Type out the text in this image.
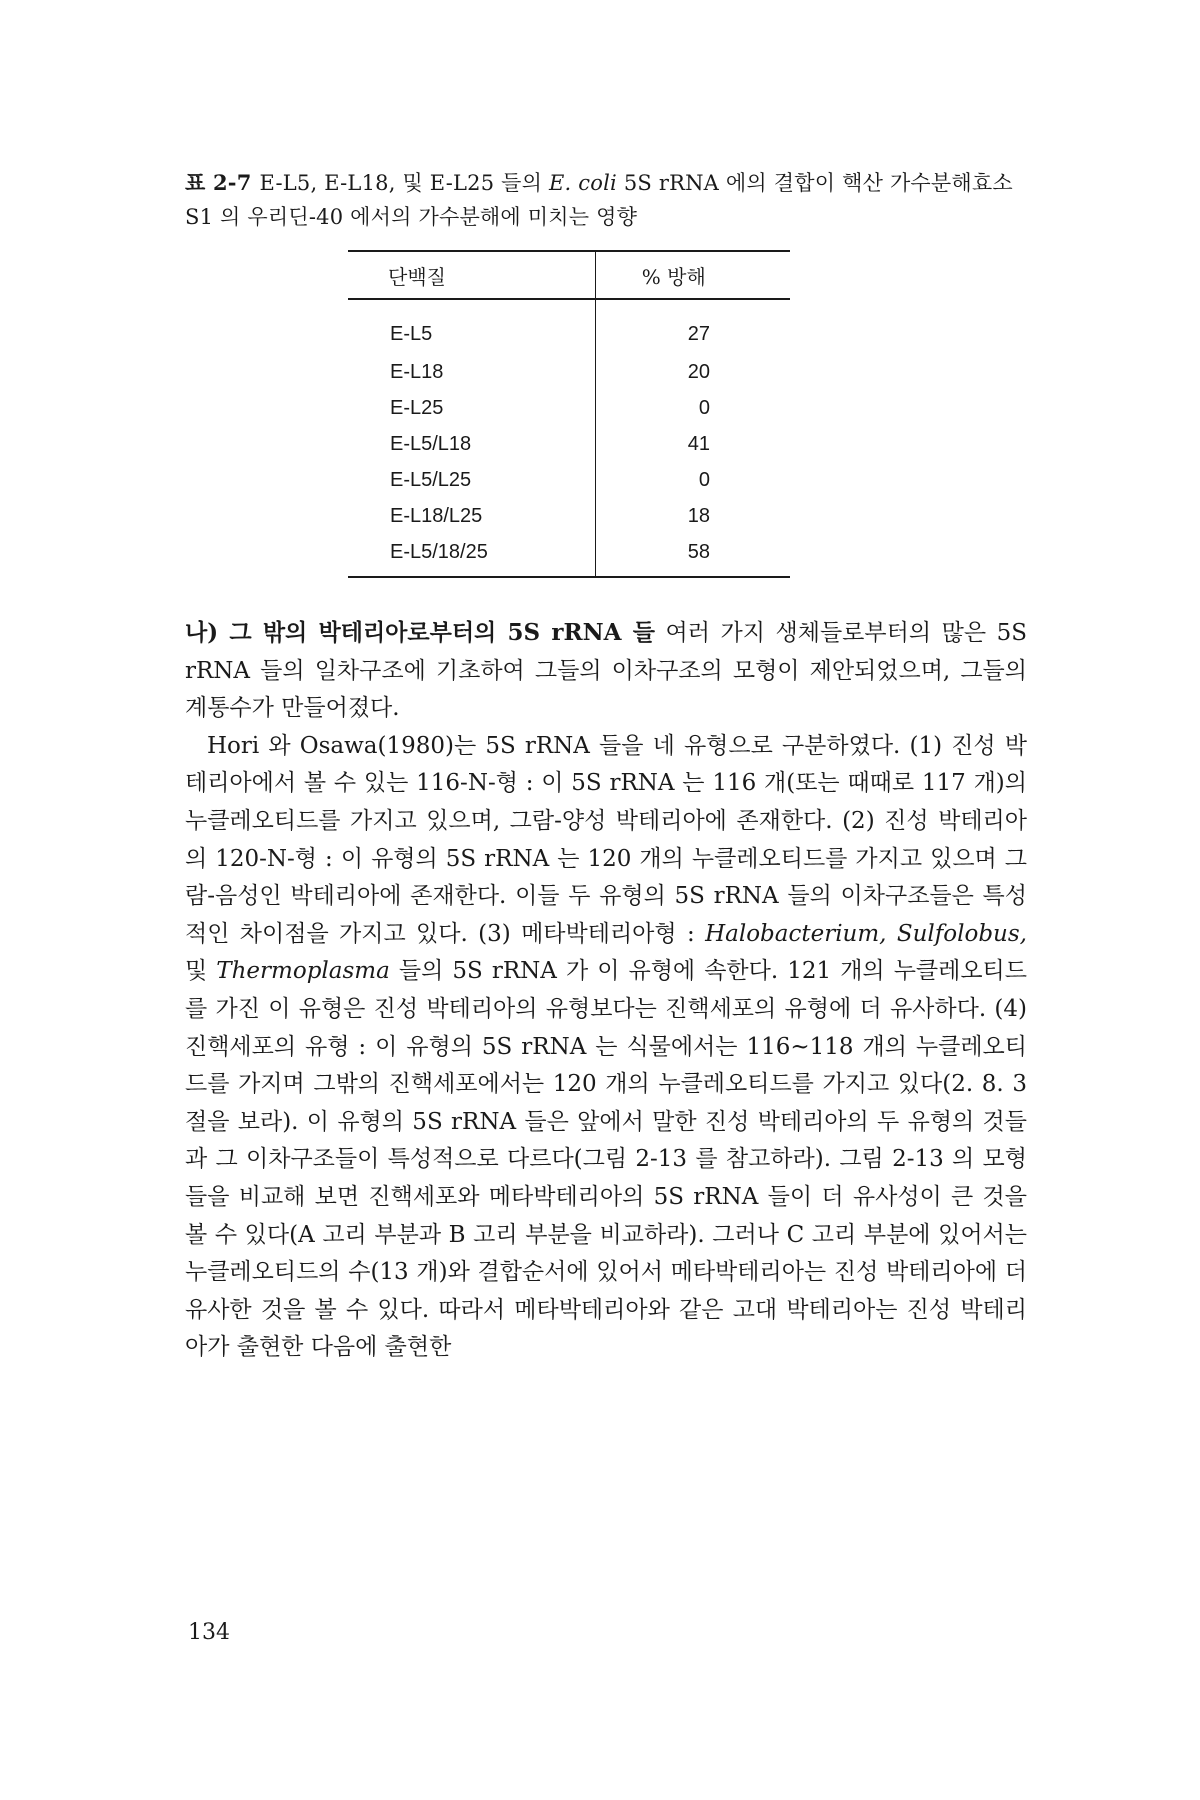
표 2-7 E-L5, E-L18, 및 E-L25 들의 E. coli 5S rRNA 에의 결합이 핵산 가수분해효소 S1 의 우리딘-40 에서의 가수분해에 미치는 영향
단백질	% 방해
E-L5	27
E-L18	20
E-L25	0
E-L5/L18	41
E-L5/L25	0
E-L18/L25	18
E-L5/18/25	58

나) 그 밖의 박테리아로부터의 5S rRNA 들 여러 가지 생체들로부터의 많은 5S rRNA 들의 일차구조에 기초하여 그들의 이차구조의 모형이 제안되었으며, 그들의 계통수가 만들어졌다.

Hori 와 Osawa(1980)는 5S rRNA 들을 네 유형으로 구분하였다. (1) 진성 박테리아에서 볼 수 있는 116-N-형 : 이 5S rRNA 는 116 개(또는 때때로 117 개)의 누클레오티드를 가지고 있으며, 그람-양성 박테리아에 존재한다. (2) 진성 박테리아의 120-N-형 : 이 유형의 5S rRNA 는 120 개의 누클레오티드를 가지고 있으며 그람-음성인 박테리아에 존재한다. 이들 두 유형의 5S rRNA 들의 이차구조들은 특성적인 차이점을 가지고 있다. (3) 메타박테리아형 : Halobacterium, Sulfolobus, 및 Thermoplasma 들의 5S rRNA 가 이 유형에 속한다. 121 개의 누클레오티드를 가진 이 유형은 진성 박테리아의 유형보다는 진핵세포의 유형에 더 유사하다. (4) 진핵세포의 유형 : 이 유형의 5S rRNA 는 식물에서는 116~118 개의 누클레오티드를 가지며 그밖의 진핵세포에서는 120 개의 누클레오티드를 가지고 있다(2. 8. 3 절을 보라). 이 유형의 5S rRNA 들은 앞에서 말한 진성 박테리아의 두 유형의 것들과 그 이차구조들이 특성적으로 다르다(그림 2-13 를 참고하라). 그림 2-13 의 모형들을 비교해 보면 진핵세포와 메타박테리아의 5S rRNA 들이 더 유사성이 큰 것을 볼 수 있다(A 고리 부분과 B 고리 부분을 비교하라). 그러나 C 고리 부분에 있어서는 누클레오티드의 수(13 개)와 결합순서에 있어서 메타박테리아는 진성 박테리아에 더 유사한 것을 볼 수 있다. 따라서 메타박테리아와 같은 고대 박테리아는 진성 박테리아가 출현한 다음에 출현한

134
